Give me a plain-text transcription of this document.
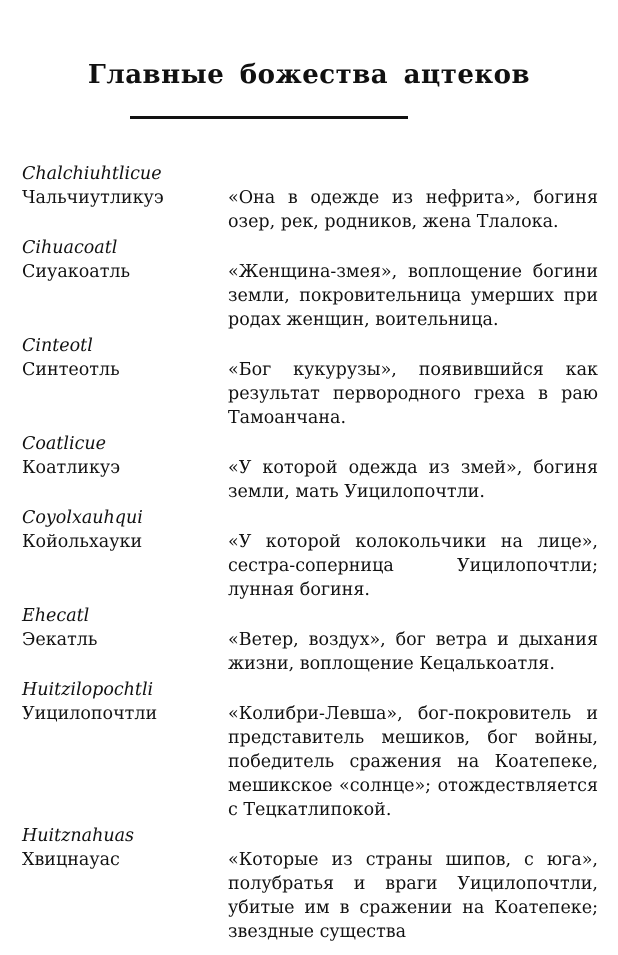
Главные божества ацтеков
Chalchiuhtlicue
Чальчиутликуэ	«Она в одежде из нефрита», богиня озер, рек, родников, жена Тлалока.
Cihuacoatl
Сиуакоатль	«Женщина-змея», воплощение богини земли, покровительница умерших при родах женщин, воительница.
Cinteotl
Синтеотль	«Бог кукурузы», появившийся как результат первородного греха в раю Тамоанчана.
Coatlicue
Коатликуэ	«У которой одежда из змей», богиня земли, мать Уицилопочтли.
Coyolxauhqui
Койольхауки	«У которой колокольчики на лице», сестра-соперница Уицилопочтли; лунная богиня.
Ehecatl
Эекатль	«Ветер, воздух», бог ветра и дыхания жизни, воплощение Кецалькоатля.
Huitzilopochtli
Уицилопочтли	«Колибри-Левша», бог-покровитель и представитель мешиков, бог войны, победитель сражения на Коатепеке, мешикское «солнце»; отождествляется с Тецкатлипокой.
Huitznahuas
Хвицнауас	«Которые из страны шипов, с юга», полубратья и враги Уицилопочтли, убитые им в сражении на Коатепеке; звездные существа
